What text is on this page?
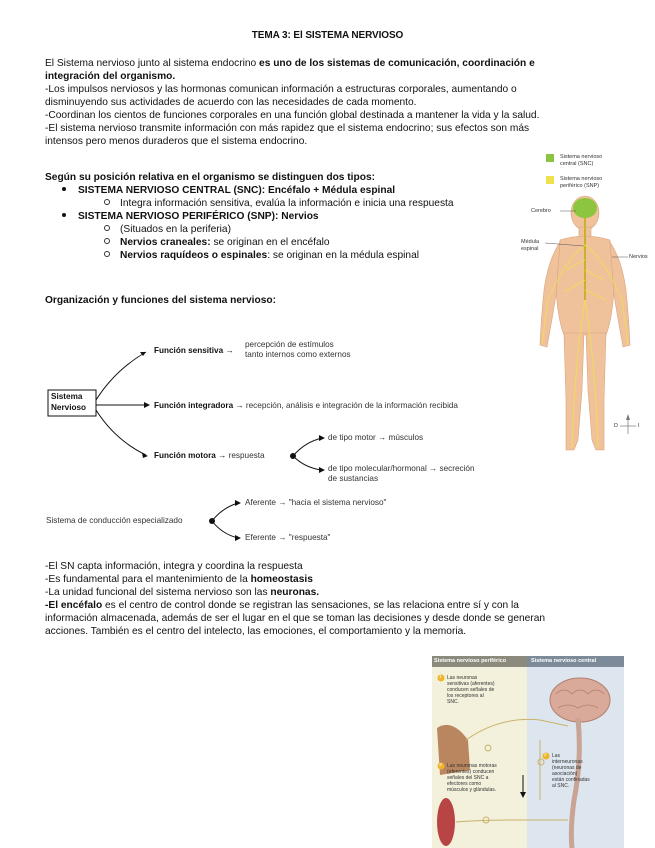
TEMA 3: El SISTEMA NERVIOSO
El Sistema nervioso junto al sistema endocrino es uno de los sistemas de comunicación, coordinación e
integración del organismo.
-Los impulsos nerviosos y las hormonas comunican información a estructuras corporales, aumentando o
disminuyendo sus actividades de acuerdo con las necesidades de cada momento.
-Coordinan los cientos de funciones corporales en una función global destinada a mantener la vida y la salud.
-El sistema nervioso transmite información con más rapidez que el sistema endocrino; sus efectos son más
intensos pero menos duraderos que el sistema endocrino.
Según su posición relativa en el organismo se distinguen dos tipos:
SISTEMA NERVIOSO CENTRAL (SNC): Encéfalo + Médula espinal
Integra información sensitiva, evalúa la información e inicia una respuesta
SISTEMA NERVIOSO PERIFÉRICO (SNP): Nervios
(Situados en la periferia)
Nervios craneales: se originan en el encéfalo
Nervios raquídeos o espinales: se originan en la médula espinal
Organización y funciones del sistema nervioso:
Sistema
Nervioso
Función sensitiva →
percepción de estímulos
tanto internos como externos
Función integradora → recepción, análisis e integración de la información recibida
Función motora → respuesta
de tipo motor → músculos
de tipo molecular/hormonal → secreción
de sustancias
Sistema de conducción especializado
Aferente → "hacia el sistema nervioso"
Eferente → "respuesta"
-El SN capta información, integra y coordina la respuesta
-Es fundamental para el mantenimiento de la homeostasis
-La unidad funcional del sistema nervioso son las neuronas.
-El encéfalo es el centro de control donde se registran las sensaciones, se las relaciona entre sí y con la
información almacenada, además de ser el lugar en el que se toman las decisiones y desde donde se generan
acciones. También es el centro del intelecto, las emociones, el comportamiento y la memoria.
Sistema nervioso central (SNC)
Sistema nervioso periférico (SNP)
Cerebro
Médula espinal
Nervios
D	I
Sistema nervioso periférico	Sistema nervioso central
1
2
3
Las neuronas sensitivas (aferentes) conducen señales de los receptores al SNC.
Las interneuronas (neuronas de asociación) están confinadas al SNC.
Las neuronas motoras (eferentes) conducen señales del SNC a efectores como músculos y glándulas.
